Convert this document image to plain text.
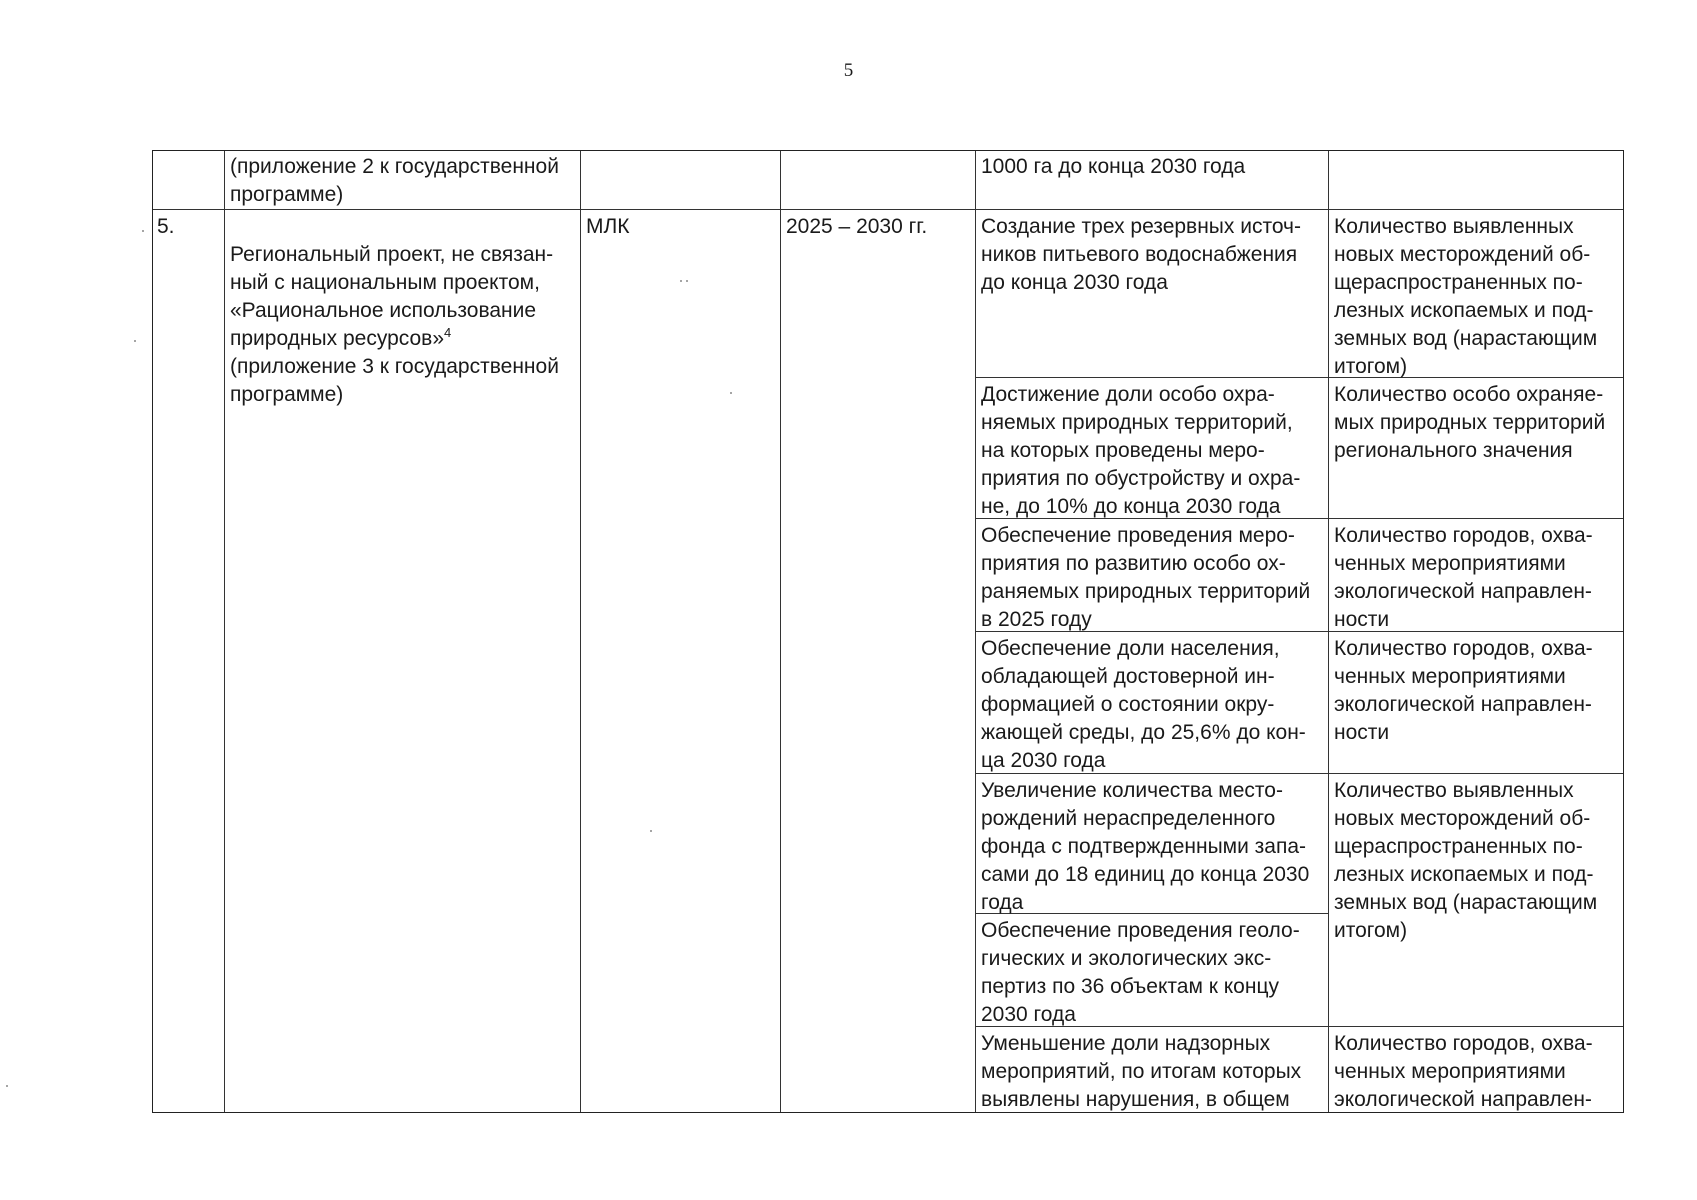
5
(приложение 2 к государственной
программе)
1000 га до конца 2030 года
5.

Региональный проект, не связан-
ный с национальным проектом,
«Рациональное использование
природных ресурсов»$^4$
(приложение 3 к государственной
программе)

МЛК	2025 – 2030 гг.	Создание трех резервных источ-
ников питьевого водоснабжения
до конца 2030 года
Количество выявленных
новых месторождений об-
щераспространенных по-
лезных ископаемых и под-
земных вод (нарастающим
итогом)
Достижение доли особо охра-
няемых природных территорий,
на которых проведены меро-
приятия по обустройству и охра-
не, до 10% до конца 2030 года
Количество особо охраняе-
мых природных территорий
регионального значения
Обеспечение проведения меро-
приятия по развитию особо ох-
раняемых природных территорий
в 2025 году
Количество городов, охва-
ченных мероприятиями
экологической направлен-
ности
Обеспечение доли населения,
обладающей достоверной ин-
формацией о состоянии окру-
жающей среды, до 25,6% до кон-
ца 2030 года
Количество городов, охва-
ченных мероприятиями
экологической направлен-
ности
Увеличение количества место-
рождений нераспределенного
фонда с подтвержденными запа-
сами до 18 единиц до конца 2030
года
Количество выявленных
новых месторождений об-
щераспространенных по-
лезных ископаемых и под-
земных вод (нарастающим
итогом)
Обеспечение проведения геоло-
гических и экологических экс-
пертиз по 36 объектам к концу
2030 года
Уменьшение доли надзорных
мероприятий, по итогам которых
выявлены нарушения, в общем
Количество городов, охва-
ченных мероприятиями
экологической направлен-
